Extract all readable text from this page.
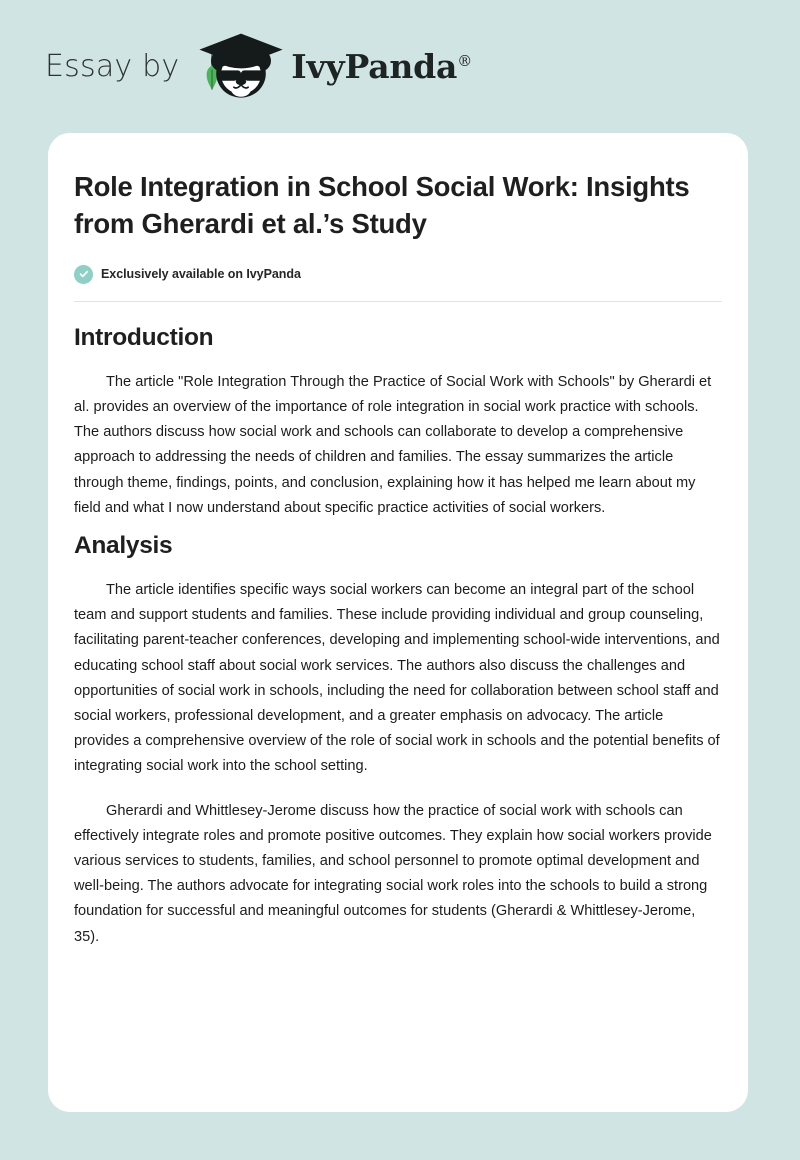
Essay by	IvyPanda®
Role Integration in School Social Work: Insights from Gherardi et al.’s Study
Exclusively available on IvyPanda
Introduction

The article "Role Integration Through the Practice of Social Work with Schools" by Gherardi et al. provides an overview of the importance of role integration in social work practice with schools. The authors discuss how social work and schools can collaborate to develop a comprehensive approach to addressing the needs of children and families. The essay summarizes the article through theme, findings, points, and conclusion, explaining how it has helped me learn about my field and what I now understand about specific practice activities of social workers.

Analysis

The article identifies specific ways social workers can become an integral part of the school team and support students and families. These include providing individual and group counseling, facilitating parent-teacher conferences, developing and implementing school-wide interventions, and educating school staff about social work services. The authors also discuss the challenges and opportunities of social work in schools, including the need for collaboration between school staff and social workers, professional development, and a greater emphasis on advocacy. The article provides a comprehensive overview of the role of social work in schools and the potential benefits of integrating social work into the school setting.

Gherardi and Whittlesey-Jerome discuss how the practice of social work with schools can effectively integrate roles and promote positive outcomes. They explain how social workers provide various services to students, families, and school personnel to promote optimal development and well-being. The authors advocate for integrating social work roles into the schools to build a strong foundation for successful and meaningful outcomes for students (Gherardi & Whittlesey-Jerome, 35).
